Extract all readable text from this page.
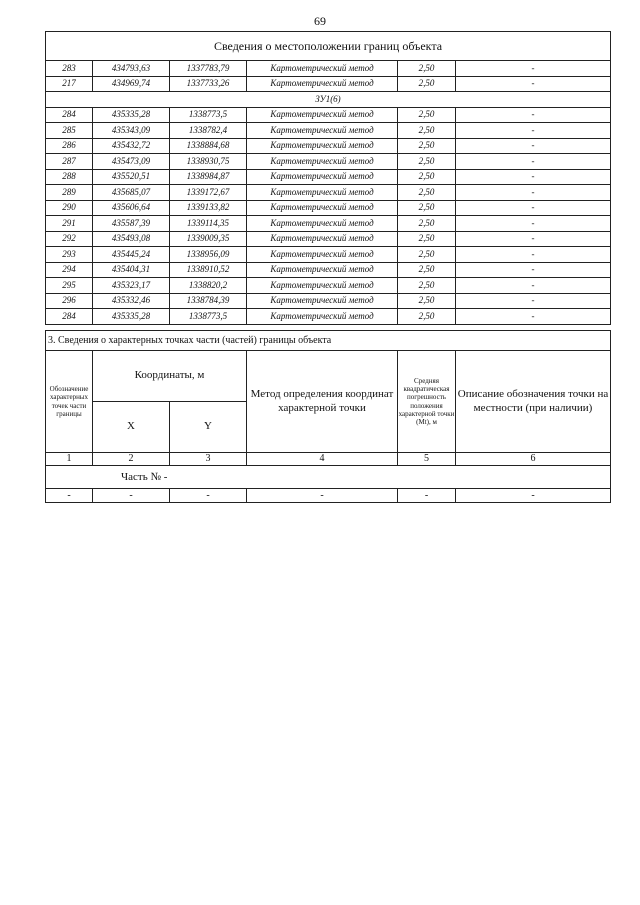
69
Сведения о местоположении границ объекта					
283	434793,63	1337783,79	Картометрический метод	2,50	-
217	434969,74	1337733,26	Картометрический метод	2,50	-
ЗУ1(6)					
284	435335,28	1338773,5	Картометрический метод	2,50	-
285	435343,09	1338782,4	Картометрический метод	2,50	-
286	435432,72	1338884,68	Картометрический метод	2,50	-
287	435473,09	1338930,75	Картометрический метод	2,50	-
288	435520,51	1338984,87	Картометрический метод	2,50	-
289	435685,07	1339172,67	Картометрический метод	2,50	-
290	435606,64	1339133,82	Картометрический метод	2,50	-
291	435587,39	1339114,35	Картометрический метод	2,50	-
292	435493,08	1339009,35	Картометрический метод	2,50	-
293	435445,24	1338956,09	Картометрический метод	2,50	-
294	435404,31	1338910,52	Картометрический метод	2,50	-
295	435323,17	1338820,2	Картометрический метод	2,50	-
296	435332,46	1338784,39	Картометрический метод	2,50	-
284	435335,28	1338773,5	Картометрический метод	2,50	-
3. Сведения о характерных точках части (частей) границы объекта					
Обозначение характерных точек части границы	Координаты, м		Метод определения координат характерной точки	Средняя квадратическая погрешность положения характерной точки (Мt), м	Описание обозначения точки на местности (при наличии)
	X	Y			
1	2	3	4	5	6
Часть № -					
-	-	-	-	-	-
